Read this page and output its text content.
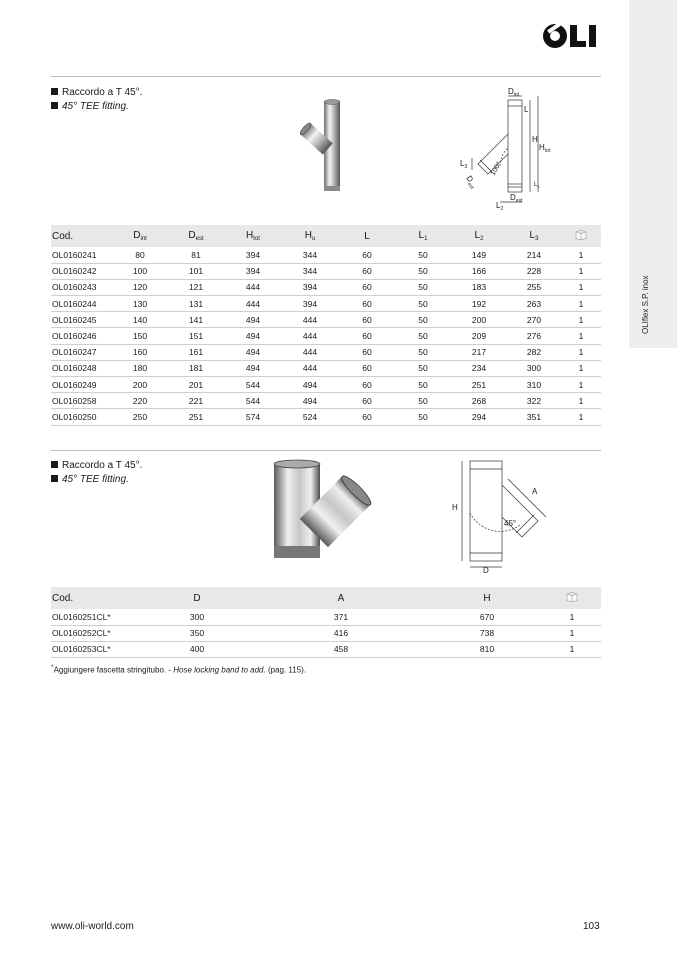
OLIflex S.P. inox
Raccordo a T 45°.
45° TEE fitting.
$D_{int}$
L
H
$H_{tot}$
$L_3$
$D_{est}$
100°
$L_1$
$D_{est}$
$L_2$
Cod.	$D_{int}$	$D_{est}$	$H_{tot}$	$H_u$	L	$L_1$	$L_2$	$L_3$	
OL0160241	80	81	394	344	60	50	149	214	1
OL0160242	100	101	394	344	60	50	166	228	1
OL0160243	120	121	444	394	60	50	183	255	1
OL0160244	130	131	444	394	60	50	192	263	1
OL0160245	140	141	494	444	60	50	200	270	1
OL0160246	150	151	494	444	60	50	209	276	1
OL0160247	160	161	494	444	60	50	217	282	1
OL0160248	180	181	494	444	60	50	234	300	1
OL0160249	200	201	544	494	60	50	251	310	1
OL0160258	220	221	544	494	60	50	268	322	1
OL0160250	250	251	574	524	60	50	294	351	1
Raccordo a T 45°.
45° TEE fitting.
A
H
45°
D
Cod.	D	A	H	
OL0160251CL*	300	371	670	1
OL0160252CL*	350	416	738	1
OL0160253CL*	400	458	810	1
*Aggiungere fascetta stringitubo. - Hose locking band to add. (pag. 115).
www.oli-world.com	103
